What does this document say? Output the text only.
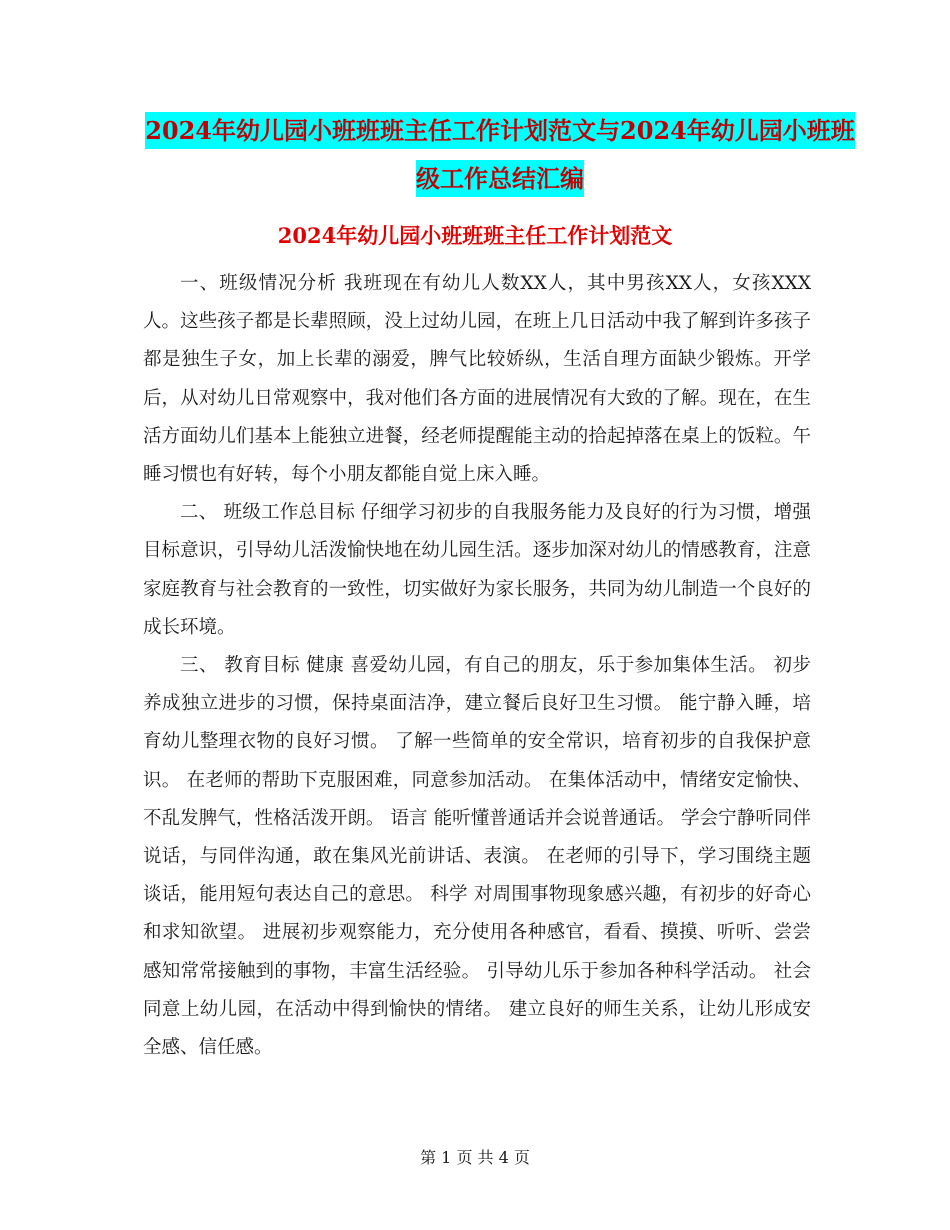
2024年幼儿园小班班班主任工作计划范文与2024年幼儿园小班班级工作总结汇编
2024年幼儿园小班班班主任工作计划范文

一、班级情况分析 我班现在有幼儿人数XX人，其中男孩XX人，女孩XXX人。这些孩子都是长辈照顾，没上过幼儿园，在班上几日活动中我了解到许多孩子都是独生子女，加上长辈的溺爱，脾气比较娇纵，生活自理方面缺少锻炼。开学后，从对幼儿日常观察中，我对他们各方面的进展情况有大致的了解。现在，在生活方面幼儿们基本上能独立进餐，经老师提醒能主动的拾起掉落在桌上的饭粒。午睡习惯也有好转，每个小朋友都能自觉上床入睡。

二、 班级工作总目标 仔细学习初步的自我服务能力及良好的行为习惯，增强目标意识，引导幼儿活泼愉快地在幼儿园生活。逐步加深对幼儿的情感教育，注意家庭教育与社会教育的一致性，切实做好为家长服务，共同为幼儿制造一个良好的成长环境。

三、 教育目标 健康 喜爱幼儿园，有自己的朋友，乐于参加集体生活。 初步养成独立进步的习惯，保持桌面洁净，建立餐后良好卫生习惯。 能宁静入睡，培育幼儿整理衣物的良好习惯。 了解一些简单的安全常识，培育初步的自我保护意识。 在老师的帮助下克服困难，同意参加活动。 在集体活动中，情绪安定愉快、不乱发脾气，性格活泼开朗。 语言 能听懂普通话并会说普通话。 学会宁静听同伴说话，与同伴沟通，敢在集风光前讲话、表演。 在老师的引导下，学习围绕主题谈话，能用短句表达自己的意思。 科学 对周围事物现象感兴趣，有初步的好奇心和求知欲望。 进展初步观察能力，充分使用各种感官，看看、摸摸、听听、尝尝感知常常接触到的事物，丰富生活经验。 引导幼儿乐于参加各种科学活动。 社会 同意上幼儿园，在活动中得到愉快的情绪。 建立良好的师生关系，让幼儿形成安全感、信任感。

第 1 页 共 4 页
